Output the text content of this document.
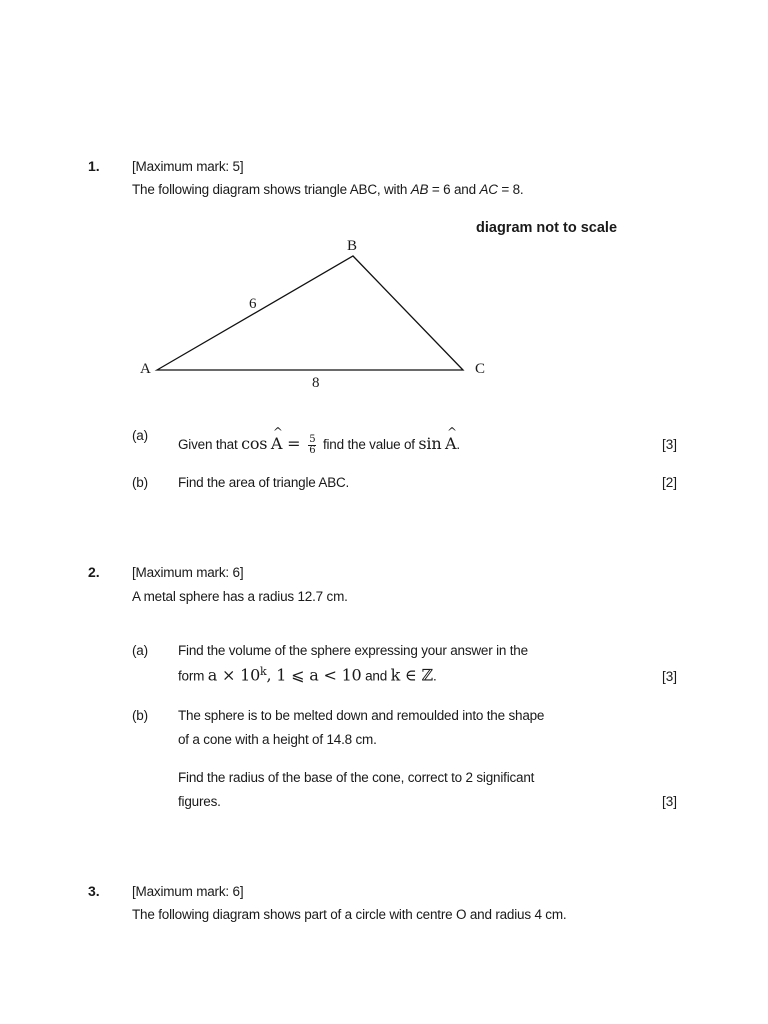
1. [Maximum mark: 5]
The following diagram shows triangle ABC, with AB = 6 and AC = 8.
diagram not to scale
A
B
C
6
8
(a)
Given that cos ^ $A = \frac{5}{6}$ find the value of sin ^ A.	[3]
(b) Find the area of triangle ABC.	[2]
2. [Maximum mark: 6]
A metal sphere has a radius 12.7 cm.
(a) Find the volume of the sphere expressing your answer in the
form $a \times 10^k$, 1 ⩽ a < 10 and k ∈ ℤ.	[3]
(b) The sphere is to be melted down and remoulded into the shape
of a cone with a height of 14.8 cm.
Find the radius of the base of the cone, correct to 2 significant
figures.	[3]
3. [Maximum mark: 6]
The following diagram shows part of a circle with centre O and radius 4 cm.
